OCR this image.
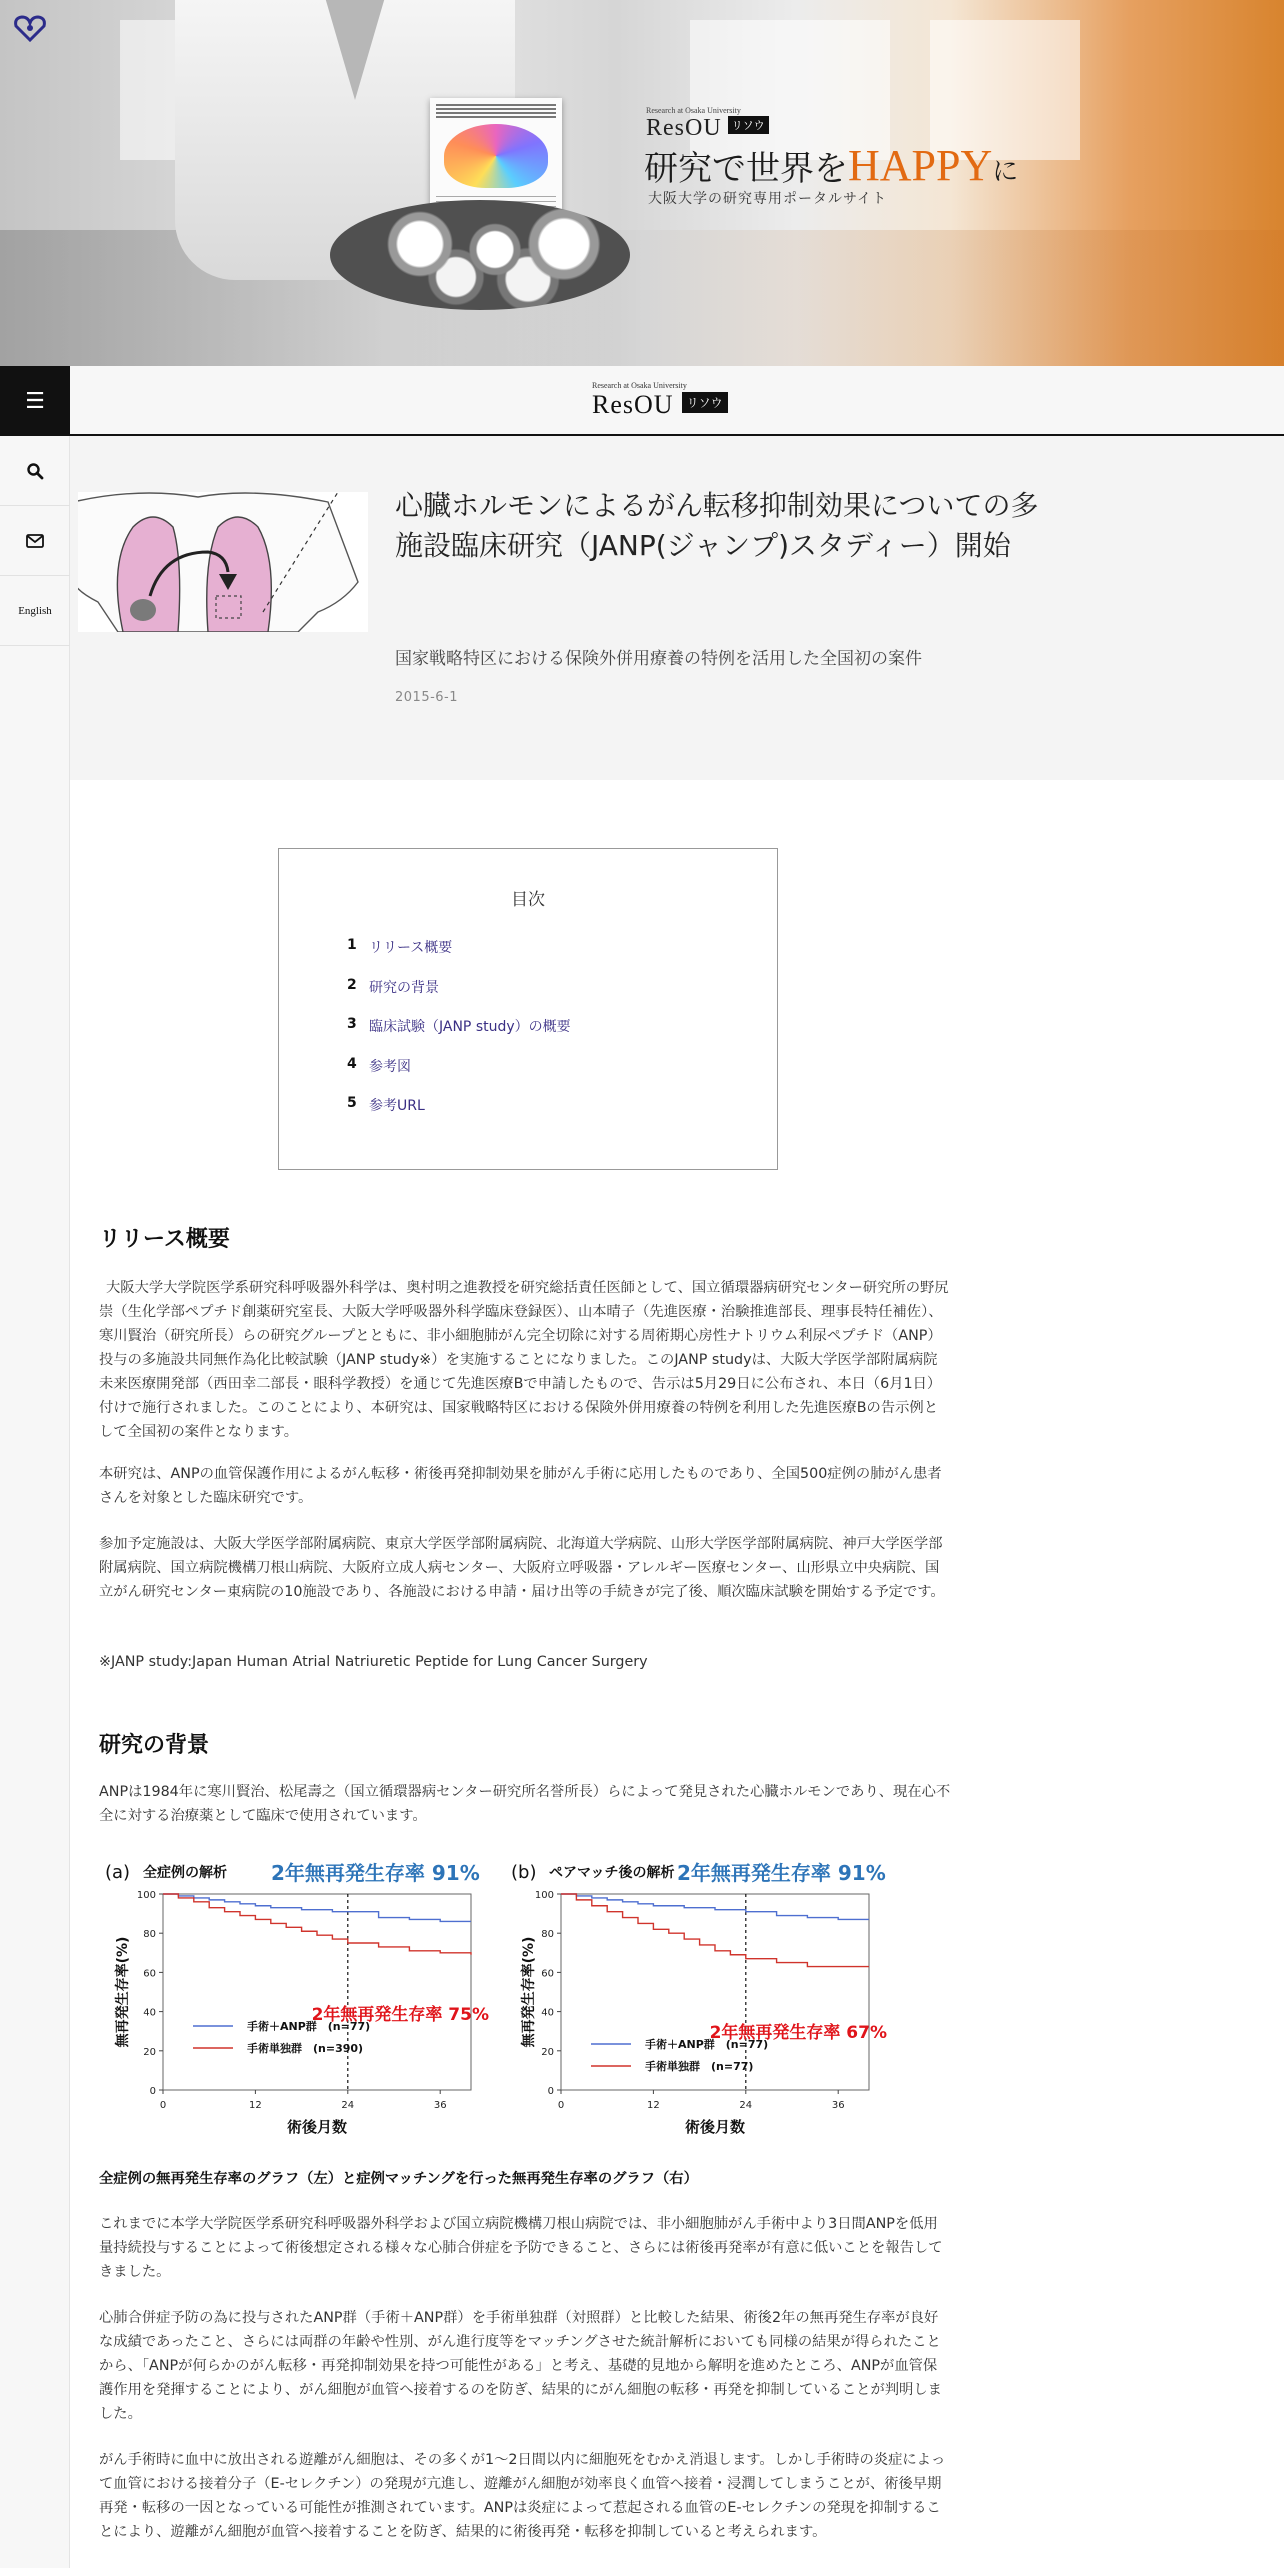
Research at Osaka University
ResOU リソウ
研究で世界をHAPPYに
大阪大学の研究専用ポータルサイト
☰
Research at Osaka University
ResOU リソウ
English
心臓ホルモンによるがん転移抑制効果についての多施設臨床研究（JANP(ジャンプ)スタディー）開始
国家戦略特区における保険外併用療養の特例を活用した全国初の案件
2015-6-1
目次
1 リリース概要
2 研究の背景
3 臨床試験（JANP study）の概要
4 参考図
5 参考URL
リリース概要

大阪大学大学院医学系研究科呼吸器外科学は、奥村明之進教授を研究総括責任医師として、国立循環器病研究センター研究所の野尻崇（生化学部ペプチド創薬研究室長、大阪大学呼吸器外科学臨床登録医）、山本晴子（先進医療・治験推進部長、理事長特任補佐）、寒川賢治（研究所長）らの研究グループとともに、非小細胞肺がん完全切除に対する周術期心房性ナトリウム利尿ペプチド（ANP）投与の多施設共同無作為化比較試験（JANP study※）を実施することになりました。このJANP studyは、大阪大学医学部附属病院未来医療開発部（西田幸二部長・眼科学教授）を通じて先進医療Bで申請したもので、告示は5月29日に公布され、本日（6月1日）付けで施行されました。このことにより、本研究は、国家戦略特区における保険外併用療養の特例を利用した先進医療Bの告示例として全国初の案件となります。

本研究は、ANPの血管保護作用によるがん転移・術後再発抑制効果を肺がん手術に応用したものであり、全国500症例の肺がん患者さんを対象とした臨床研究です。

参加予定施設は、大阪大学医学部附属病院、東京大学医学部附属病院、北海道大学病院、山形大学医学部附属病院、神戸大学医学部附属病院、国立病院機構刀根山病院、大阪府立成人病センター、大阪府立呼吸器・アレルギー医療センター、山形県立中央病院、国立がん研究センター東病院の10施設であり、各施設における申請・届け出等の手続きが完了後、順次臨床試験を開始する予定です。

※JANP study:Japan Human Atrial Natriuretic Peptide for Lung Cancer Surgery

研究の背景

ANPは1984年に寒川賢治、松尾壽之（国立循環器病センター研究所名誉所長）らによって発見された心臓ホルモンであり、現在心不全に対する治療薬として臨床で使用されています。

(a) 全症例の解析 2年無再発生存率 91%
0
20
40
60
80
100
0	12	24	36
術後月数
無再発生存率(%)	手術＋ANP群　(n=77)
手術単独群　(n=390)
2年無再発生存率 75%
(b) ペアマッチ後の解析 2年無再発生存率 91%
0
20
40
60
80
100
0	12	24	36
術後月数
無再発生存率(%)	手術＋ANP群　(n=77)
手術単独群　(n=77)
2年無再発生存率 67%

全症例の無再発生存率のグラフ（左）と症例マッチングを行った無再発生存率のグラフ（右）

これまでに本学大学院医学系研究科呼吸器外科学および国立病院機構刀根山病院では、非小細胞肺がん手術中より3日間ANPを低用量持続投与することによって術後想定される様々な心肺合併症を予防できること、さらには術後再発率が有意に低いことを報告してきました。

心肺合併症予防の為に投与されたANP群（手術＋ANP群）を手術単独群（対照群）と比較した結果、術後2年の無再発生存率が良好な成績であったこと、さらには両群の年齢や性別、がん進行度等をマッチングさせた統計解析においても同様の結果が得られたことから、「ANPが何らかのがん転移・再発抑制効果を持つ可能性がある」と考え、基礎的見地から解明を進めたところ、ANPが血管保護作用を発揮することにより、がん細胞が血管へ接着するのを防ぎ、結果的にがん細胞の転移・再発を抑制していることが判明しました。

がん手術時に血中に放出される遊離がん細胞は、その多くが1～2日間以内に細胞死をむかえ消退します。しかし手術時の炎症によって血管における接着分子（E-セレクチン）の発現が亢進し、遊離がん細胞が効率良く血管へ接着・浸潤してしまうことが、術後早期再発・転移の一因となっている可能性が推測されています。ANPは炎症によって惹起される血管のE-セレクチンの発現を抑制することにより、遊離がん細胞が血管へ接着することを防ぎ、結果的に術後再発・転移を抑制していると考えられます。
